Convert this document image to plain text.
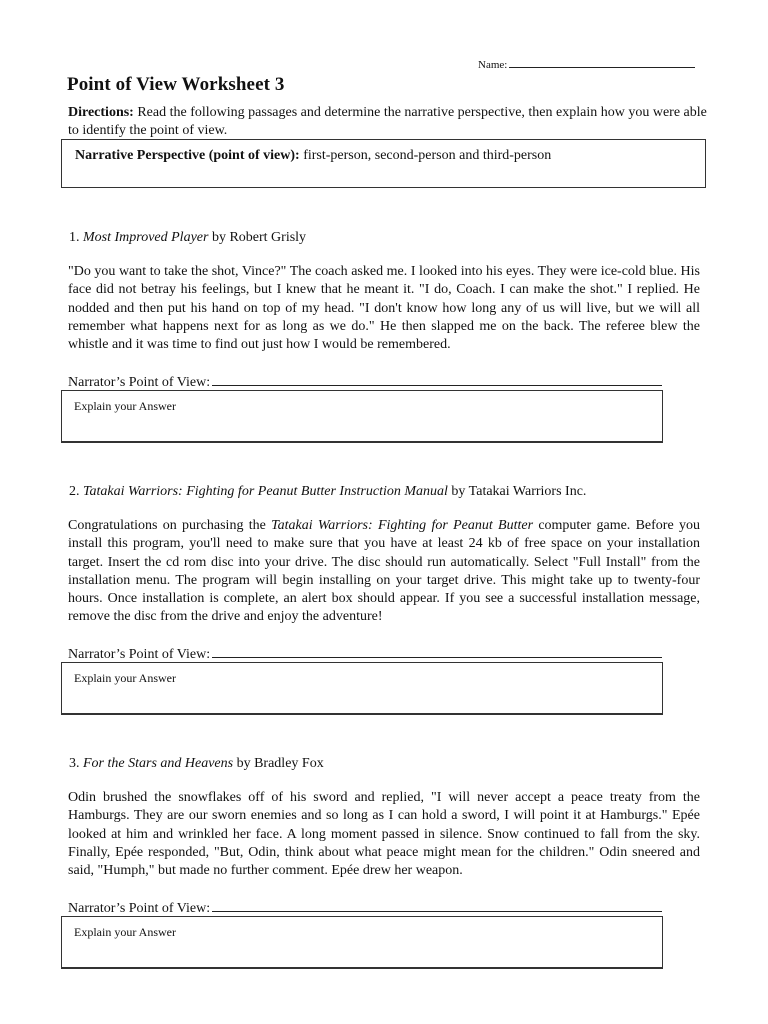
Name:
Point of View Worksheet 3
Directions: Read the following passages and determine the narrative perspective, then explain how you were able to identify the point of view.
Narrative Perspective (point of view): first-person, second-person and third-person
1. Most Improved Player by Robert Grisly
"Do you want to take the shot, Vince?" The coach asked me. I looked into his eyes. They were ice-cold blue. His face did not betray his feelings, but I knew that he meant it. "I do, Coach. I can make the shot." I replied. He nodded and then put his hand on top of my head. "I don't know how long any of us will live, but we will all remember what happens next for as long as we do." He then slapped me on the back. The referee blew the whistle and it was time to find out just how I would be remembered.
Narrator’s Point of View:
Explain your Answer
2. Tatakai Warriors: Fighting for Peanut Butter Instruction Manual by Tatakai Warriors Inc.
Congratulations on purchasing the Tatakai Warriors: Fighting for Peanut Butter computer game. Before you install this program, you'll need to make sure that you have at least 24 kb of free space on your installation target. Insert the cd rom disc into your drive. The disc should run automatically. Select "Full Install" from the installation menu. The program will begin installing on your target drive. This might take up to twenty-four hours. Once installation is complete, an alert box should appear. If you see a successful installation message, remove the disc from the drive and enjoy the adventure!
Narrator’s Point of View:
Explain your Answer
3. For the Stars and Heavens by Bradley Fox
Odin brushed the snowflakes off of his sword and replied, "I will never accept a peace treaty from the Hamburgs. They are our sworn enemies and so long as I can hold a sword, I will point it at Hamburgs." Epée looked at him and wrinkled her face. A long moment passed in silence. Snow continued to fall from the sky. Finally, Epée responded, "But, Odin, think about what peace might mean for the children." Odin sneered and said, "Humph," but made no further comment. Epée drew her weapon.
Narrator’s Point of View:
Explain your Answer
